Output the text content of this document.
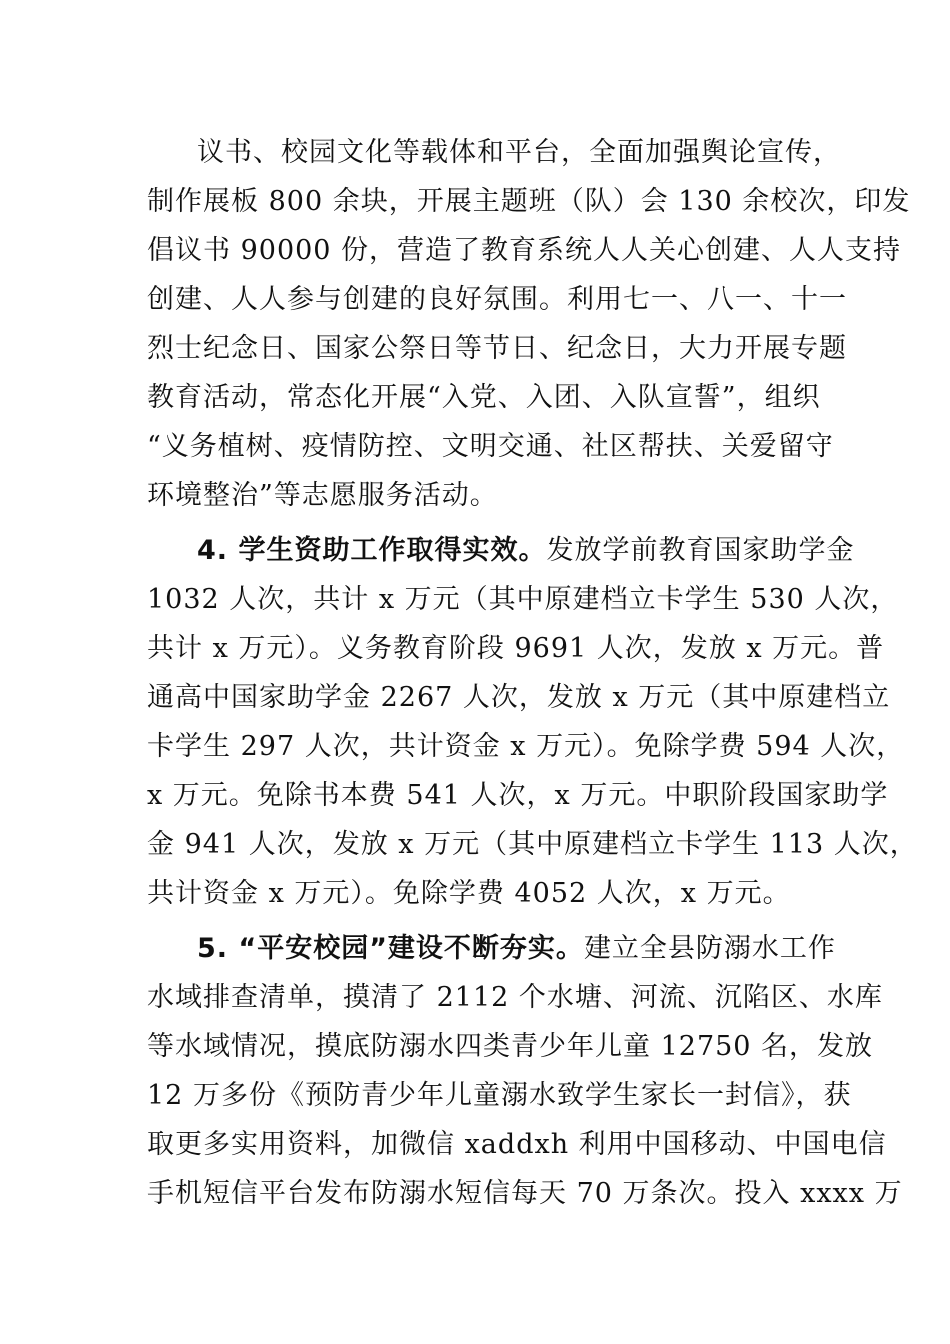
议书、校园文化等载体和平台，全面加强舆论宣传，
制作展板 800 余块，开展主题班（队）会 130 余校次，印发
倡议书 90000 份，营造了教育系统人人关心创建、人人支持
创建、人人参与创建的良好氛围。利用七一、八一、十一
烈士纪念日、国家公祭日等节日、纪念日，大力开展专题
教育活动，常态化开展“入党、入团、入队宣誓”，组织
“义务植树、疫情防控、文明交通、社区帮扶、关爱留守
环境整治”等志愿服务活动。
4. 学生资助工作取得实效。发放学前教育国家助学金
1032 人次，共计 x 万元（其中原建档立卡学生 530 人次，
共计 x 万元）。义务教育阶段 9691 人次，发放 x 万元。普
通高中国家助学金 2267 人次，发放 x 万元（其中原建档立
卡学生 297 人次，共计资金 x 万元）。免除学费 594 人次，
x 万元。免除书本费 541 人次，x 万元。中职阶段国家助学
金 941 人次，发放 x 万元（其中原建档立卡学生 113 人次，
共计资金 x 万元）。免除学费 4052 人次，x 万元。
5. “平安校园”建设不断夯实。建立全县防溺水工作
水域排查清单，摸清了 2112 个水塘、河流、沉陷区、水库
等水域情况，摸底防溺水四类青少年儿童 12750 名，发放
12 万多份《预防青少年儿童溺水致学生家长一封信》，获
取更多实用资料，加微信 xaddxh 利用中国移动、中国电信
手机短信平台发布防溺水短信每天 70 万条次。投入 xxxx 万
